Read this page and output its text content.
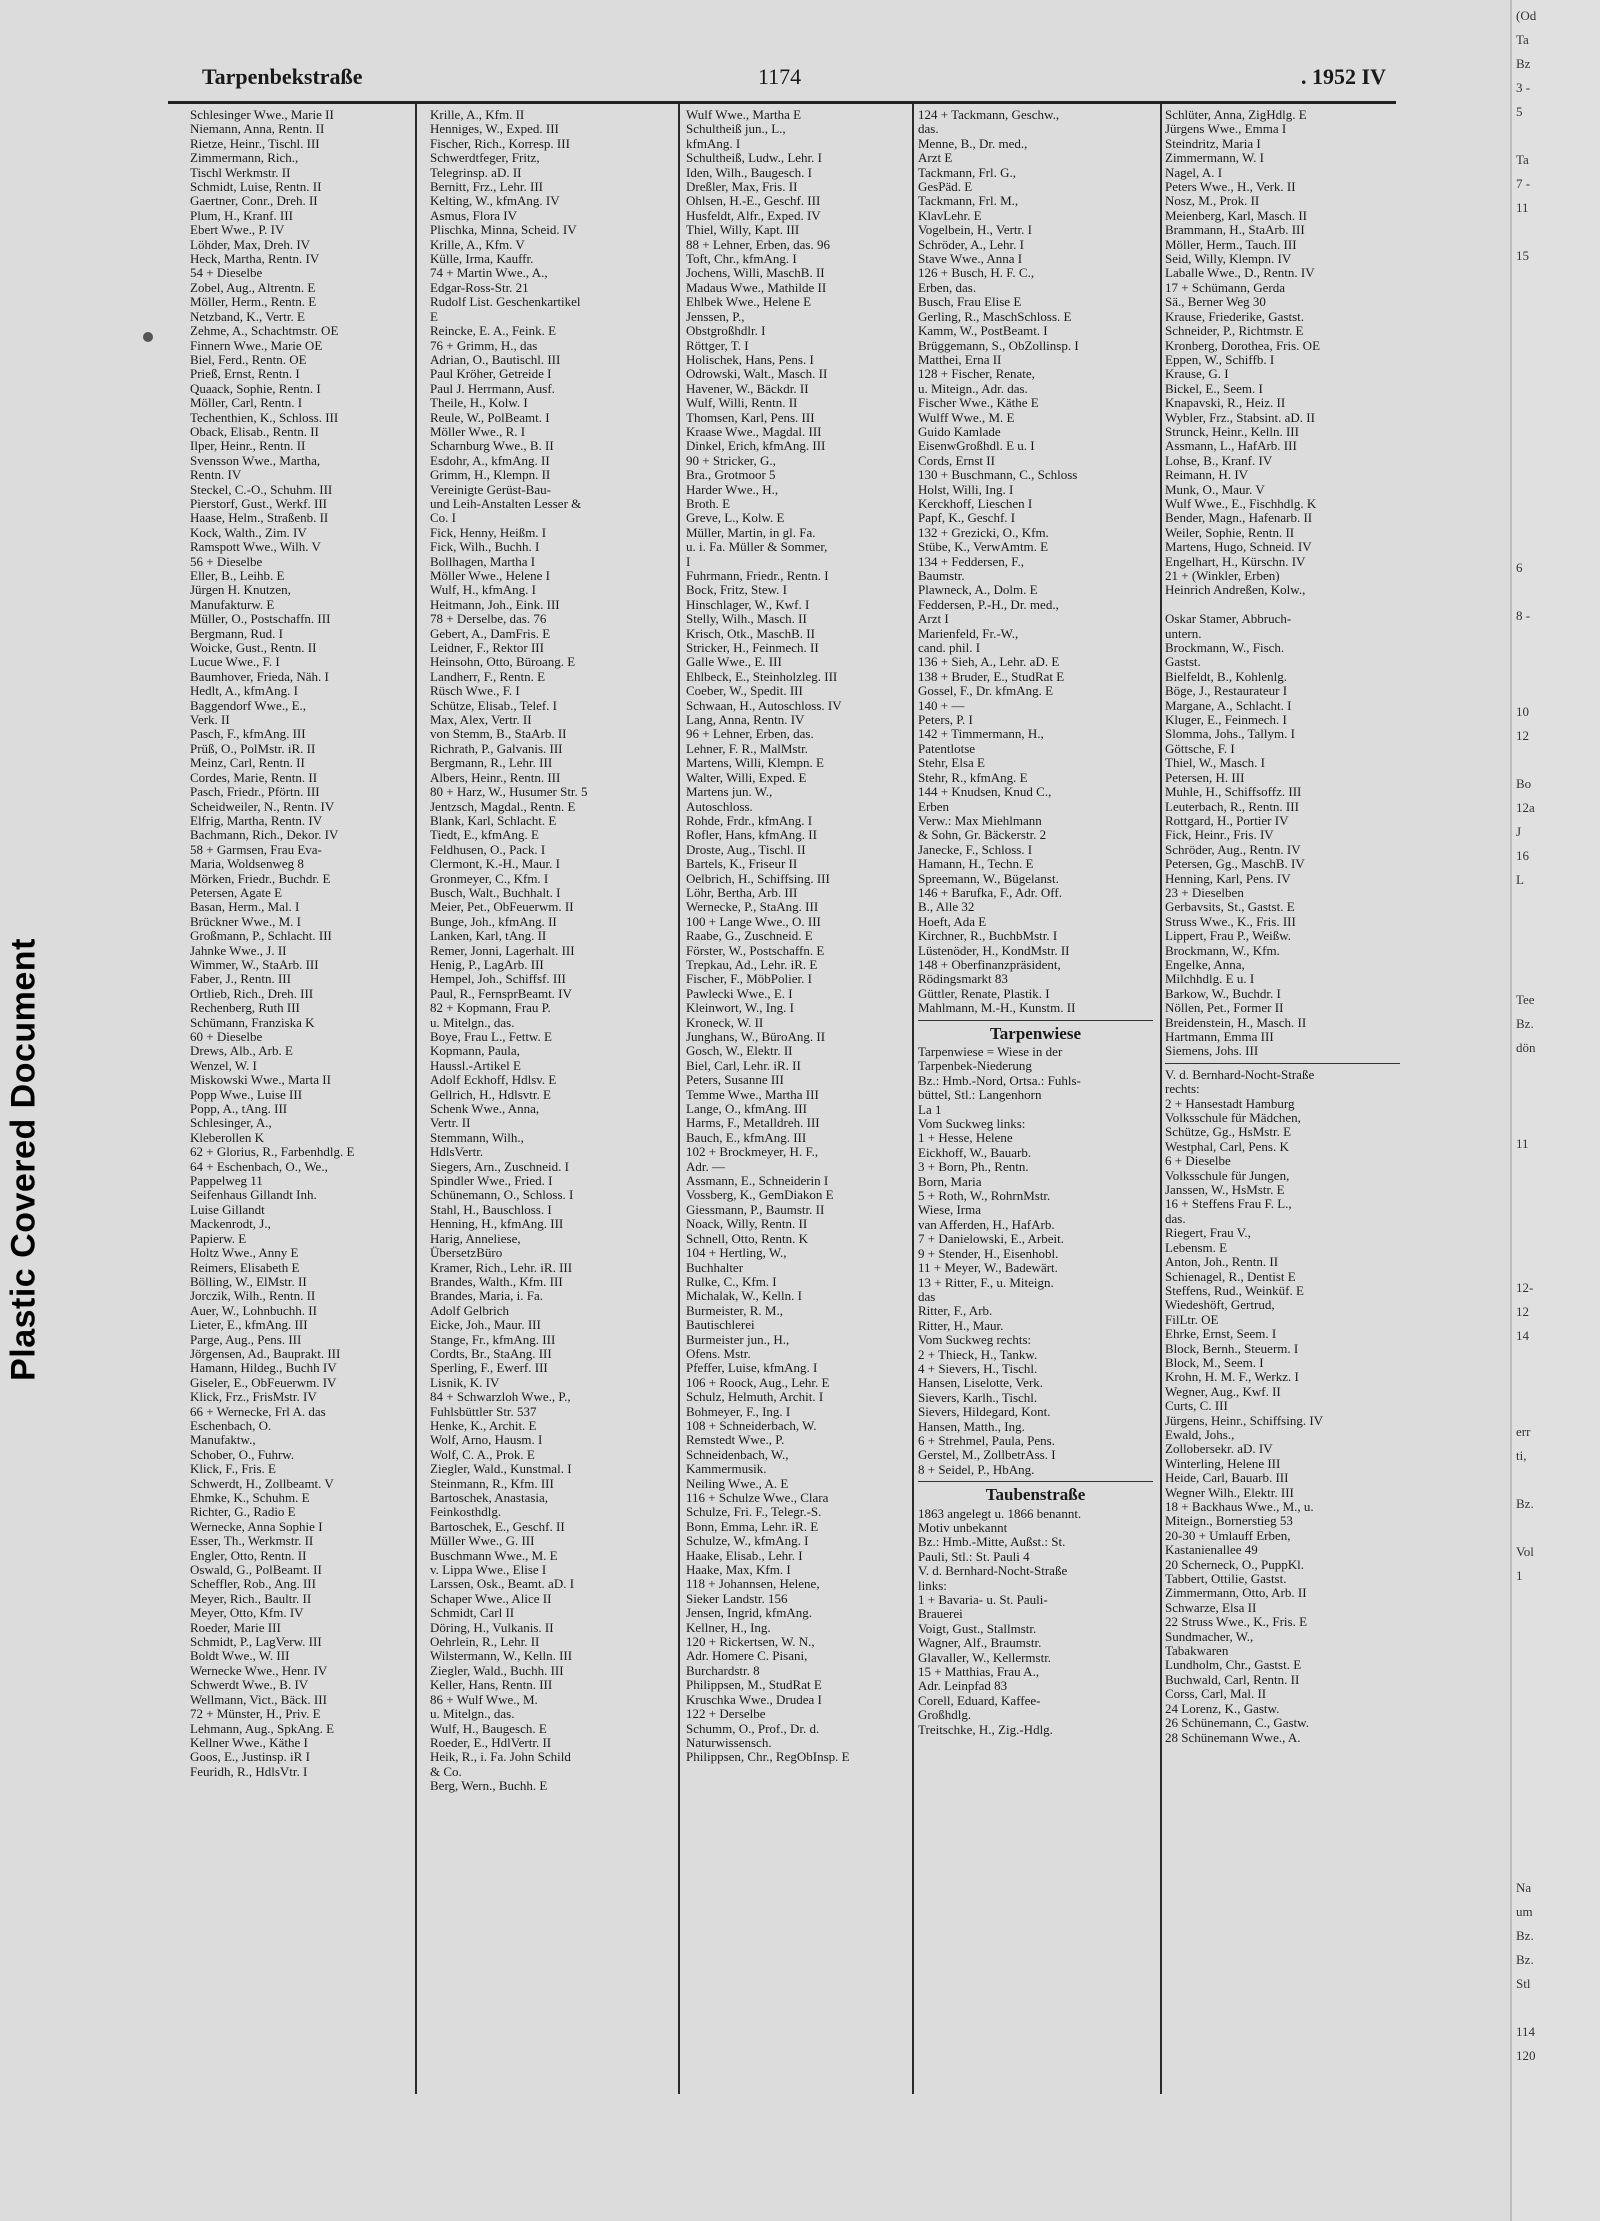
Plastic Covered Document
Tarpenbekstraße	1174	. 1952 IV
Schlesinger Wwe., Marie II
Niemann, Anna, Rentn. II
Rietze, Heinr., Tischl. III
Zimmermann, Rich.,
Tischl Werkmstr. II
Schmidt, Luise, Rentn. II
Gaertner, Conr., Dreh. II
Plum, H., Kranf. III
Ebert Wwe., P. IV
Löhder, Max, Dreh. IV
Heck, Martha, Rentn. IV
54 + Dieselbe
Zobel, Aug., Altrentn. E
Möller, Herm., Rentn. E
Netzband, K., Vertr. E
Zehme, A., Schachtmstr. OE
Finnern Wwe., Marie OE
Biel, Ferd., Rentn. OE
Prieß, Ernst, Rentn. I
Quaack, Sophie, Rentn. I
Möller, Carl, Rentn. I
Techenthien, K., Schloss. III
Oback, Elisab., Rentn. II
Ilper, Heinr., Rentn. II
Svensson Wwe., Martha,
Rentn. IV
Steckel, C.-O., Schuhm. III
Pierstorf, Gust., Werkf. III
Haase, Helm., Straßenb. II
Kock, Walth., Zim. IV
Ramspott Wwe., Wilh. V
56 + Dieselbe
Eller, B., Leihb. E
Jürgen H. Knutzen,
Manufakturw. E
Müller, O., Postschaffn. III
Bergmann, Rud. I
Woicke, Gust., Rentn. II
Lucue Wwe., F. I
Baumhover, Frieda, Näh. I
Hedlt, A., kfmAng. I
Baggendorf Wwe., E.,
Verk. II
Pasch, F., kfmAng. III
Prüß, O., PolMstr. iR. II
Meinz, Carl, Rentn. II
Cordes, Marie, Rentn. II
Pasch, Friedr., Pförtn. III
Scheidweiler, N., Rentn. IV
Elfrig, Martha, Rentn. IV
Bachmann, Rich., Dekor. IV
58 + Garmsen, Frau Eva-
Maria, Woldsenweg 8
Mörken, Friedr., Buchdr. E
Petersen, Agate E
Basan, Herm., Mal. I
Brückner Wwe., M. I
Großmann, P., Schlacht. III
Jahnke Wwe., J. II
Wimmer, W., StaArb. III
Faber, J., Rentn. III
Ortlieb, Rich., Dreh. III
Rechenberg, Ruth III
Schümann, Franziska K
60 + Dieselbe
Drews, Alb., Arb. E
Wenzel, W. I
Miskowski Wwe., Marta II
Popp Wwe., Luise III
Popp, A., tAng. III
Schlesinger, A.,
Kleberollen K
62 + Glorius, R., Farbenhdlg. E
64 + Eschenbach, O., We.,
Pappelweg 11
Seifenhaus Gillandt Inh.
Luise Gillandt
Mackenrodt, J.,
Papierw. E
Holtz Wwe., Anny E
Reimers, Elisabeth E
Bölling, W., ElMstr. II
Jorczik, Wilh., Rentn. II
Auer, W., Lohnbuchh. II
Lieter, E., kfmAng. III
Parge, Aug., Pens. III
Jörgensen, Ad., Bauprakt. III
Hamann, Hildeg., Buchh IV
Giseler, E., ObFeuerwm. IV
Klick, Frz., FrisMstr. IV
66 + Wernecke, Frl A. das
Eschenbach, O.
Manufaktw.,
Schober, O., Fuhrw.
Klick, F., Fris. E
Schwerdt, H., Zollbeamt. V
Ehmke, K., Schuhm. E
Richter, G., Radio E
Wernecke, Anna Sophie I
Esser, Th., Werkmstr. II
Engler, Otto, Rentn. II
Oswald, G., PolBeamt. II
Scheffler, Rob., Ang. III
Meyer, Rich., Baultr. II
Meyer, Otto, Kfm. IV
Roeder, Marie III
Schmidt, P., LagVerw. III
Boldt Wwe., W. III
Wernecke Wwe., Henr. IV
Schwerdt Wwe., B. IV
Wellmann, Vict., Bäck. III
72 + Münster, H., Priv. E
Lehmann, Aug., SpkAng. E
Kellner Wwe., Käthe I
Goos, E., Justinsp. iR I
Feuridh, R., HdlsVtr. I
Krille, A., Kfm. II
Henniges, W., Exped. III
Fischer, Rich., Korresp. III
Schwerdtfeger, Fritz,
Telegrinsp. aD. II
Bernitt, Frz., Lehr. III
Kelting, W., kfmAng. IV
Asmus, Flora IV
Plischka, Minna, Scheid. IV
Krille, A., Kfm. V
Külle, Irma, Kauffr.
74 + Martin Wwe., A.,
Edgar-Ross-Str. 21
Rudolf List. Geschenkartikel
E
Reincke, E. A., Feink. E
76 + Grimm, H., das
Adrian, O., Bautischl. III
Paul Kröher, Getreide I
Paul J. Herrmann, Ausf.
Theile, H., Kolw. I
Reule, W., PolBeamt. I
Möller Wwe., R. I
Scharnburg Wwe., B. II
Esdohr, A., kfmAng. II
Grimm, H., Klempn. II
Vereinigte Gerüst-Bau-
und Leih-Anstalten Lesser &
Co. I
Fick, Henny, Heißm. I
Fick, Wilh., Buchh. I
Bollhagen, Martha I
Möller Wwe., Helene I
Wulf, H., kfmAng. I
Heitmann, Joh., Eink. III
78 + Derselbe, das. 76
Gebert, A., DamFris. E
Leidner, F., Rektor III
Heinsohn, Otto, Büroang. E
Landherr, F., Rentn. E
Rüsch Wwe., F. I
Schütze, Elisab., Telef. I
Max, Alex, Vertr. II
von Stemm, B., StaArb. II
Richrath, P., Galvanis. III
Bergmann, R., Lehr. III
Albers, Heinr., Rentn. III
80 + Harz, W., Husumer Str. 5
Jentzsch, Magdal., Rentn. E
Blank, Karl, Schlacht. E
Tiedt, E., kfmAng. E
Feldhusen, O., Pack. I
Clermont, K.-H., Maur. I
Gronmeyer, C., Kfm. I
Busch, Walt., Buchhalt. I
Meier, Pet., ObFeuerwm. II
Bunge, Joh., kfmAng. II
Lanken, Karl, tAng. II
Remer, Jonni, Lagerhalt. III
Henig, P., LagArb. III
Hempel, Joh., Schiffsf. III
Paul, R., FernsprBeamt. IV
82 + Kopmann, Frau P.
u. Mitelgn., das.
Boye, Frau L., Fettw. E
Kopmann, Paula,
Haussl.-Artikel E
Adolf Eckhoff, Hdlsv. E
Gellrich, H., Hdlsvtr. E
Schenk Wwe., Anna,
Vertr. II
Stemmann, Wilh.,
HdlsVertr.
Siegers, Arn., Zuschneid. I
Spindler Wwe., Fried. I
Schünemann, O., Schloss. I
Stahl, H., Bauschloss. I
Henning, H., kfmAng. III
Harig, Anneliese,
ÜbersetzBüro
Kramer, Rich., Lehr. iR. III
Brandes, Walth., Kfm. III
Brandes, Maria, i. Fa.
Adolf Gelbrich
Eicke, Joh., Maur. III
Stange, Fr., kfmAng. III
Cordts, Br., StaAng. III
Sperling, F., Ewerf. III
Lisnik, K. IV
84 + Schwarzloh Wwe., P.,
Fuhlsbüttler Str. 537
Henke, K., Archit. E
Wolf, Arno, Hausm. I
Wolf, C. A., Prok. E
Ziegler, Wald., Kunstmal. I
Steinmann, R., Kfm. III
Bartoschek, Anastasia,
Feinkosthdlg.
Bartoschek, E., Geschf. II
Müller Wwe., G. III
Buschmann Wwe., M. E
v. Lippa Wwe., Elise I
Larssen, Osk., Beamt. aD. I
Schaper Wwe., Alice II
Schmidt, Carl II
Döring, H., Vulkanis. II
Oehrlein, R., Lehr. II
Wilstermann, W., Kelln. III
Ziegler, Wald., Buchh. III
Keller, Hans, Rentn. III
86 + Wulf Wwe., M.
u. Mitelgn., das.
Wulf, H., Baugesch. E
Roeder, E., HdlVertr. II
Heik, R., i. Fa. John Schild
& Co.
Berg, Wern., Buchh. E
Wulf Wwe., Martha E
Schultheiß jun., L.,
kfmAng. I
Schultheiß, Ludw., Lehr. I
Iden, Wilh., Baugesch. I
Dreßler, Max, Fris. II
Ohlsen, H.-E., Geschf. III
Husfeldt, Alfr., Exped. IV
Thiel, Willy, Kapt. III
88 + Lehner, Erben, das. 96
Toft, Chr., kfmAng. I
Jochens, Willi, MaschB. II
Madaus Wwe., Mathilde II
Ehlbek Wwe., Helene E
Jenssen, P.,
Obstgroßhdlr. I
Röttger, T. I
Holischek, Hans, Pens. I
Odrowski, Walt., Masch. II
Havener, W., Bäckdr. II
Wulf, Willi, Rentn. II
Thomsen, Karl, Pens. III
Kraase Wwe., Magdal. III
Dinkel, Erich, kfmAng. III
90 + Stricker, G.,
Bra., Grotmoor 5
Harder Wwe., H.,
Broth. E
Greve, L., Kolw. E
Müller, Martin, in gl. Fa.
u. i. Fa. Müller & Sommer,
I
Fuhrmann, Friedr., Rentn. I
Bock, Fritz, Stew. I
Hinschlager, W., Kwf. I
Stelly, Wilh., Masch. II
Krisch, Otk., MaschB. II
Stricker, H., Feinmech. II
Galle Wwe., E. III
Ehlbeck, E., Steinholzleg. III
Coeber, W., Spedit. III
Schwaan, H., Autoschloss. IV
Lang, Anna, Rentn. IV
96 + Lehner, Erben, das.
Lehner, F. R., MalMstr.
Martens, Willi, Klempn. E
Walter, Willi, Exped. E
Martens jun. W.,
Autoschloss.
Rohde, Frdr., kfmAng. I
Rofler, Hans, kfmAng. II
Droste, Aug., Tischl. II
Bartels, K., Friseur II
Oelbrich, H., Schiffsing. III
Löhr, Bertha, Arb. III
Wernecke, P., StaAng. III
100 + Lange Wwe., O. III
Raabe, G., Zuschneid. E
Förster, W., Postschaffn. E
Trepkau, Ad., Lehr. iR. E
Fischer, F., MöbPolier. I
Pawlecki Wwe., E. I
Kleinwort, W., Ing. I
Kroneck, W. II
Junghans, W., BüroAng. II
Gosch, W., Elektr. II
Biel, Carl, Lehr. iR. II
Peters, Susanne III
Temme Wwe., Martha III
Lange, O., kfmAng. III
Harms, F., Metalldreh. III
Bauch, E., kfmAng. III
102 + Brockmeyer, H. F.,
Adr. —
Assmann, E., Schneiderin I
Vossberg, K., GemDiakon E
Giessmann, P., Baumstr. II
Noack, Willy, Rentn. II
Schnell, Otto, Rentn. K
104 + Hertling, W.,
Buchhalter
Rulke, C., Kfm. I
Michalak, W., Kelln. I
Burmeister, R. M.,
Bautischlerei
Burmeister jun., H.,
Ofens. Mstr.
Pfeffer, Luise, kfmAng. I
106 + Roock, Aug., Lehr. E
Schulz, Helmuth, Archit. I
Bohmeyer, F., Ing. I
108 + Schneiderbach, W.
Remstedt Wwe., P.
Schneidenbach, W.,
Kammermusik.
Neiling Wwe., A. E
116 + Schulze Wwe., Clara
Schulze, Fri. F., Telegr.-S.
Bonn, Emma, Lehr. iR. E
Schulze, W., kfmAng. I
Haake, Elisab., Lehr. I
Haake, Max, Kfm. I
118 + Johannsen, Helene,
Sieker Landstr. 156
Jensen, Ingrid, kfmAng.
Kellner, H., Ing.
120 + Rickertsen, W. N.,
Adr. Homere C. Pisani,
Burchardstr. 8
Philippsen, M., StudRat E
Kruschka Wwe., Drudea I
122 + Derselbe
Schumm, O., Prof., Dr. d.
Naturwissensch.
Philippsen, Chr., RegObInsp. E
124 + Tackmann, Geschw.,
das.
Menne, B., Dr. med.,
Arzt E
Tackmann, Frl. G.,
GesPäd. E
Tackmann, Frl. M.,
KlavLehr. E
Vogelbein, H., Vertr. I
Schröder, A., Lehr. I
Stave Wwe., Anna I
126 + Busch, H. F. C.,
Erben, das.
Busch, Frau Elise E
Gerling, R., MaschSchloss. E
Kamm, W., PostBeamt. I
Brüggemann, S., ObZollinsp. I
Matthei, Erna II
128 + Fischer, Renate,
u. Miteign., Adr. das.
Fischer Wwe., Käthe E
Wulff Wwe., M. E
Guido Kamlade
EisenwGroßhdl. E u. I
Cords, Ernst II
130 + Buschmann, C., Schloss
Holst, Willi, Ing. I
Kerckhoff, Lieschen I
Papf, K., Geschf. I
132 + Grezicki, O., Kfm.
Stübe, K., VerwAmtm. E
134 + Feddersen, F.,
Baumstr.
Plawneck, A., Dolm. E
Feddersen, P.-H., Dr. med.,
Arzt I
Marienfeld, Fr.-W.,
cand. phil. I
136 + Sieh, A., Lehr. aD. E
138 + Bruder, E., StudRat E
Gossel, F., Dr. kfmAng. E
140 + —
Peters, P. I
142 + Timmermann, H.,
Patentlotse
Stehr, Elsa E
Stehr, R., kfmAng. E
144 + Knudsen, Knud C.,
Erben
Verw.: Max Miehlmann
& Sohn, Gr. Bäckerstr. 2
Janecke, F., Schloss. I
Hamann, H., Techn. E
Spreemann, W., Bügelanst.
146 + Barufka, F., Adr. Off.
B., Alle 32
Hoeft, Ada E
Kirchner, R., BuchbMstr. I
Lüstenöder, H., KondMstr. II
148 + Oberfinanzpräsident,
Rödingsmarkt 83
Güttler, Renate, Plastik. I
Mahlmann, M.-H., Kunstm. II
Tarpenwiese
Tarpenwiese = Wiese in der
Tarpenbek-Niederung
Bz.: Hmb.-Nord, Ortsa.: Fuhls-
büttel, Stl.: Langenhorn
La 1
Vom Suckweg links:
1 + Hesse, Helene
Eickhoff, W., Bauarb.
3 + Born, Ph., Rentn.
Born, Maria
5 + Roth, W., RohrnMstr.
Wiese, Irma
van Afferden, H., HafArb.
7 + Danielowski, E., Arbeit.
9 + Stender, H., Eisenhobl.
11 + Meyer, W., Badewärt.
13 + Ritter, F., u. Miteign.
das
Ritter, F., Arb.
Ritter, H., Maur.
Vom Suckweg rechts:
2 + Thieck, H., Tankw.
4 + Sievers, H., Tischl.
Hansen, Liselotte, Verk.
Sievers, Karlh., Tischl.
Sievers, Hildegard, Kont.
Hansen, Matth., Ing.
6 + Strehmel, Paula, Pens.
Gerstel, M., ZollbetrAss. I
8 + Seidel, P., HbAng.
Taubenstraße
1863 angelegt u. 1866 benannt.
Motiv unbekannt
Bz.: Hmb.-Mitte, Außst.: St.
Pauli, Stl.: St. Pauli 4
V. d. Bernhard-Nocht-Straße
links:
1 + Bavaria- u. St. Pauli-
Brauerei
Voigt, Gust., Stallmstr.
Wagner, Alf., Braumstr.
Glavaller, W., Kellermstr.
15 + Matthias, Frau A.,
Adr. Leinpfad 83
Corell, Eduard, Kaffee-
Großhdlg.
Treitschke, H., Zig.-Hdlg.
Schlüter, Anna, ZigHdlg. E
Jürgens Wwe., Emma I
Steindritz, Maria I
Zimmermann, W. I
Nagel, A. I
Peters Wwe., H., Verk. II
Nosz, M., Prok. II
Meienberg, Karl, Masch. II
Brammann, H., StaArb. III
Möller, Herm., Tauch. III
Seid, Willy, Klempn. IV
Laballe Wwe., D., Rentn. IV
17 + Schümann, Gerda
Sä., Berner Weg 30
Krause, Friederike, Gastst.
Schneider, P., Richtmstr. E
Kronberg, Dorothea, Fris. OE
Eppen, W., Schiffb. I
Krause, G. I
Bickel, E., Seem. I
Knapavski, R., Heiz. II
Wybler, Frz., Stabsint. aD. II
Strunck, Heinr., Kelln. III
Assmann, L., HafArb. III
Lohse, B., Kranf. IV
Reimann, H. IV
Munk, O., Maur. V
Wulf Wwe., E., Fischhdlg. K
Bender, Magn., Hafenarb. II
Weiler, Sophie, Rentn. II
Martens, Hugo, Schneid. IV
Engelhart, H., Kürschn. IV
21 + (Winkler, Erben)
Heinrich Andreßen, Kolw.,

Oskar Stamer, Abbruch-
untern.
Brockmann, W., Fisch.
Gastst.
Bielfeldt, B., Kohlenlg.
Böge, J., Restaurateur I
Margane, A., Schlacht. I
Kluger, E., Feinmech. I
Slomma, Johs., Tallym. I
Göttsche, F. I
Thiel, W., Masch. I
Petersen, H. III
Muhle, H., Schiffsoffz. III
Leuterbach, R., Rentn. III
Rottgard, H., Portier IV
Fick, Heinr., Fris. IV
Schröder, Aug., Rentn. IV
Petersen, Gg., MaschB. IV
Henning, Karl, Pens. IV
23 + Dieselben
Gerbavsits, St., Gastst. E
Struss Wwe., K., Fris. III
Lippert, Frau P., Weißw.
Brockmann, W., Kfm.
Engelke, Anna,
Milchhdlg. E u. I
Barkow, W., Buchdr. I
Nöllen, Pet., Former II
Breidenstein, H., Masch. II
Hartmann, Emma III
Siemens, Johs. III
V. d. Bernhard-Nocht-Straße
rechts:
2 + Hansestadt Hamburg
Volksschule für Mädchen,
Schütze, Gg., HsMstr. E
Westphal, Carl, Pens. K
6 + Dieselbe
Volksschule für Jungen,
Janssen, W., HsMstr. E
16 + Steffens Frau F. L.,
das.
Riegert, Frau V.,
Lebensm. E
Anton, Joh., Rentn. II
Schienagel, R., Dentist E
Steffens, Rud., Weinküf. E
Wiedeshöft, Gertrud,
FilLtr. OE
Ehrke, Ernst, Seem. I
Block, Bernh., Steuerm. I
Block, M., Seem. I
Krohn, H. M. F., Werkz. I
Wegner, Aug., Kwf. II
Curts, C. III
Jürgens, Heinr., Schiffsing. IV
Ewald, Johs.,
Zollobersekr. aD. IV
Winterling, Helene III
Heide, Carl, Bauarb. III
Wegner Wilh., Elektr. III
18 + Backhaus Wwe., M., u.
Miteign., Bornerstieg 53
20-30 + Umlauff Erben,
Kastanienallee 49
20 Scherneck, O., PuppKl.
Tabbert, Ottilie, Gastst.
Zimmermann, Otto, Arb. II
Schwarze, Elsa II
22 Struss Wwe., K., Fris. E
Sundmacher, W.,
Tabakwaren
Lundholm, Chr., Gastst. E
Buchwald, Carl, Rentn. II
Corss, Carl, Mal. II
24 Lorenz, K., Gastw.
26 Schünemann, C., Gastw.
28 Schünemann Wwe., A.
(Od
Ta
Bz
3 -
5

Ta
7 -
11

15

6

8 -

10
12

Bo
12a
J
16
L

Tee
Bz.
dön

11

12-
12
14

err
ti,

Bz.

Vol
1

Na
um
Bz.
Bz.
Stl

114
120
